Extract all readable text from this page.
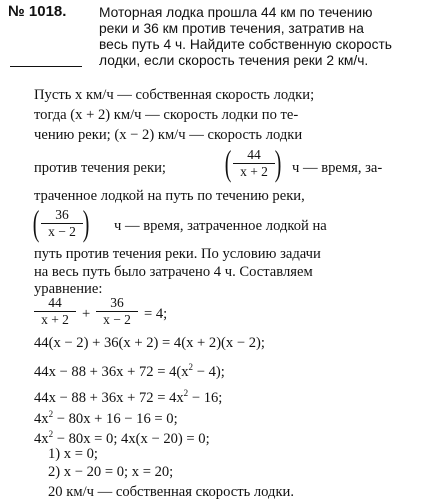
№ 1018. Моторная лодка прошла 44 км по течению
реки и 36 км против течения, затратив на
весь путь 4 ч. Найдите собственную скорость
лодки, если скорость течения реки 2 км/ч.
Пусть x км/ч — собственная скорость лодки;
тогда (x + 2) км/ч — скорость лодки по те-
чению реки; (x − 2) км/ч — скорость лодки
против течения реки; ( 44
x + 2 ) ч — время, за-
траченное лодкой на путь по течению реки,
( 36
x − 2 ) ч — время, затраченное лодкой на
путь против течения реки. По условию задачи
на весь путь было затрачено 4 ч. Составляем
уравнение:
44
x + 2 +
36
x − 2 = 4;
44(x − 2) + 36(x + 2) = 4(x + 2)(x − 2);
$44x - 88 + 36x + 72 = 4(x^2 - 4)$;
$44x - 88 + 36x + 72 = 4x^2 - 16$;
$4x^2 - 80x + 16 - 16 = 0$;
$4x^2 - 80x = 0$; 4x(x − 20) = 0;
1) x = 0;
2) x − 20 = 0; x = 20;
20 км/ч — собственная скорость лодки.
